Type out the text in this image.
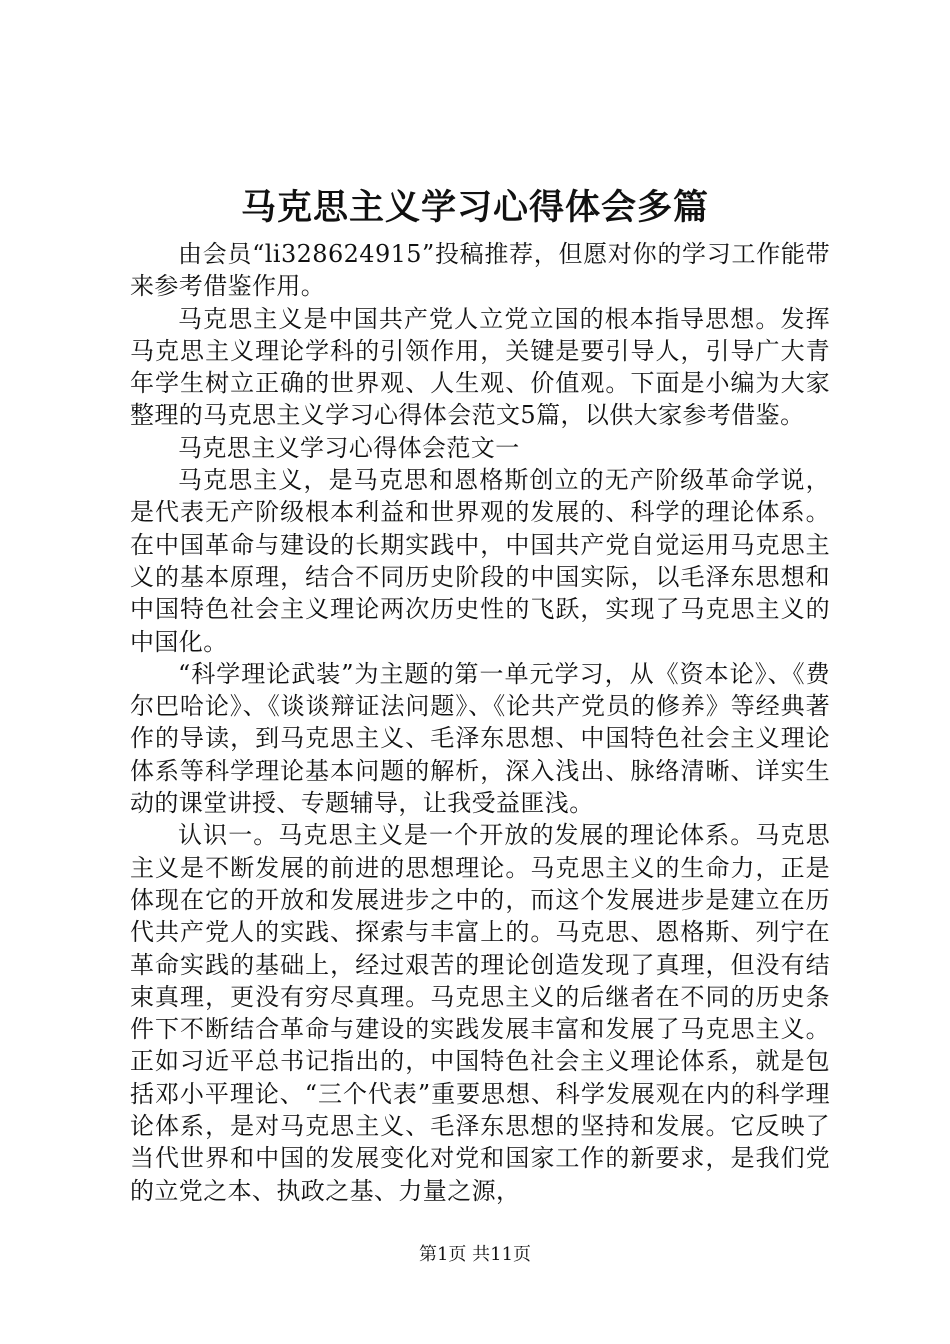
马克思主义学习心得体会多篇

由会员“li328624915”投稿推荐，但愿对你的学习工作能带来参考借鉴作用。

马克思主义是中国共产党人立党立国的根本指导思想。发挥马克思主义理论学科的引领作用，关键是要引导人，引导广大青年学生树立正确的世界观、人生观、价值观。下面是小编为大家整理的马克思主义学习心得体会范文5篇，以供大家参考借鉴。

马克思主义学习心得体会范文一

马克思主义，是马克思和恩格斯创立的无产阶级革命学说，是代表无产阶级根本利益和世界观的发展的、科学的理论体系。在中国革命与建设的长期实践中，中国共产党自觉运用马克思主义的基本原理，结合不同历史阶段的中国实际，以毛泽东思想和中国特色社会主义理论两次历史性的飞跃，实现了马克思主义的中国化。

“科学理论武装”为主题的第一单元学习，从《资本论》、《费尔巴哈论》、《谈谈辩证法问题》、《论共产党员的修养》等经典著作的导读，到马克思主义、毛泽东思想、中国特色社会主义理论体系等科学理论基本问题的解析，深入浅出、脉络清晰、详实生动的课堂讲授、专题辅导，让我受益匪浅。

认识一。马克思主义是一个开放的发展的理论体系。马克思主义是不断发展的前进的思想理论。马克思主义的生命力，正是体现在它的开放和发展进步之中的，而这个发展进步是建立在历代共产党人的实践、探索与丰富上的。马克思、恩格斯、列宁在革命实践的基础上，经过艰苦的理论创造发现了真理，但没有结束真理，更没有穷尽真理。马克思主义的后继者在不同的历史条件下不断结合革命与建设的实践发展丰富和发展了马克思主义。正如习近平总书记指出的，中国特色社会主义理论体系，就是包括邓小平理论、“三个代表”重要思想、科学发展观在内的科学理论体系，是对马克思主义、毛泽东思想的坚持和发展。它反映了当代世界和中国的发展变化对党和国家工作的新要求，是我们党的立党之本、执政之基、力量之源，

第1页 共11页
